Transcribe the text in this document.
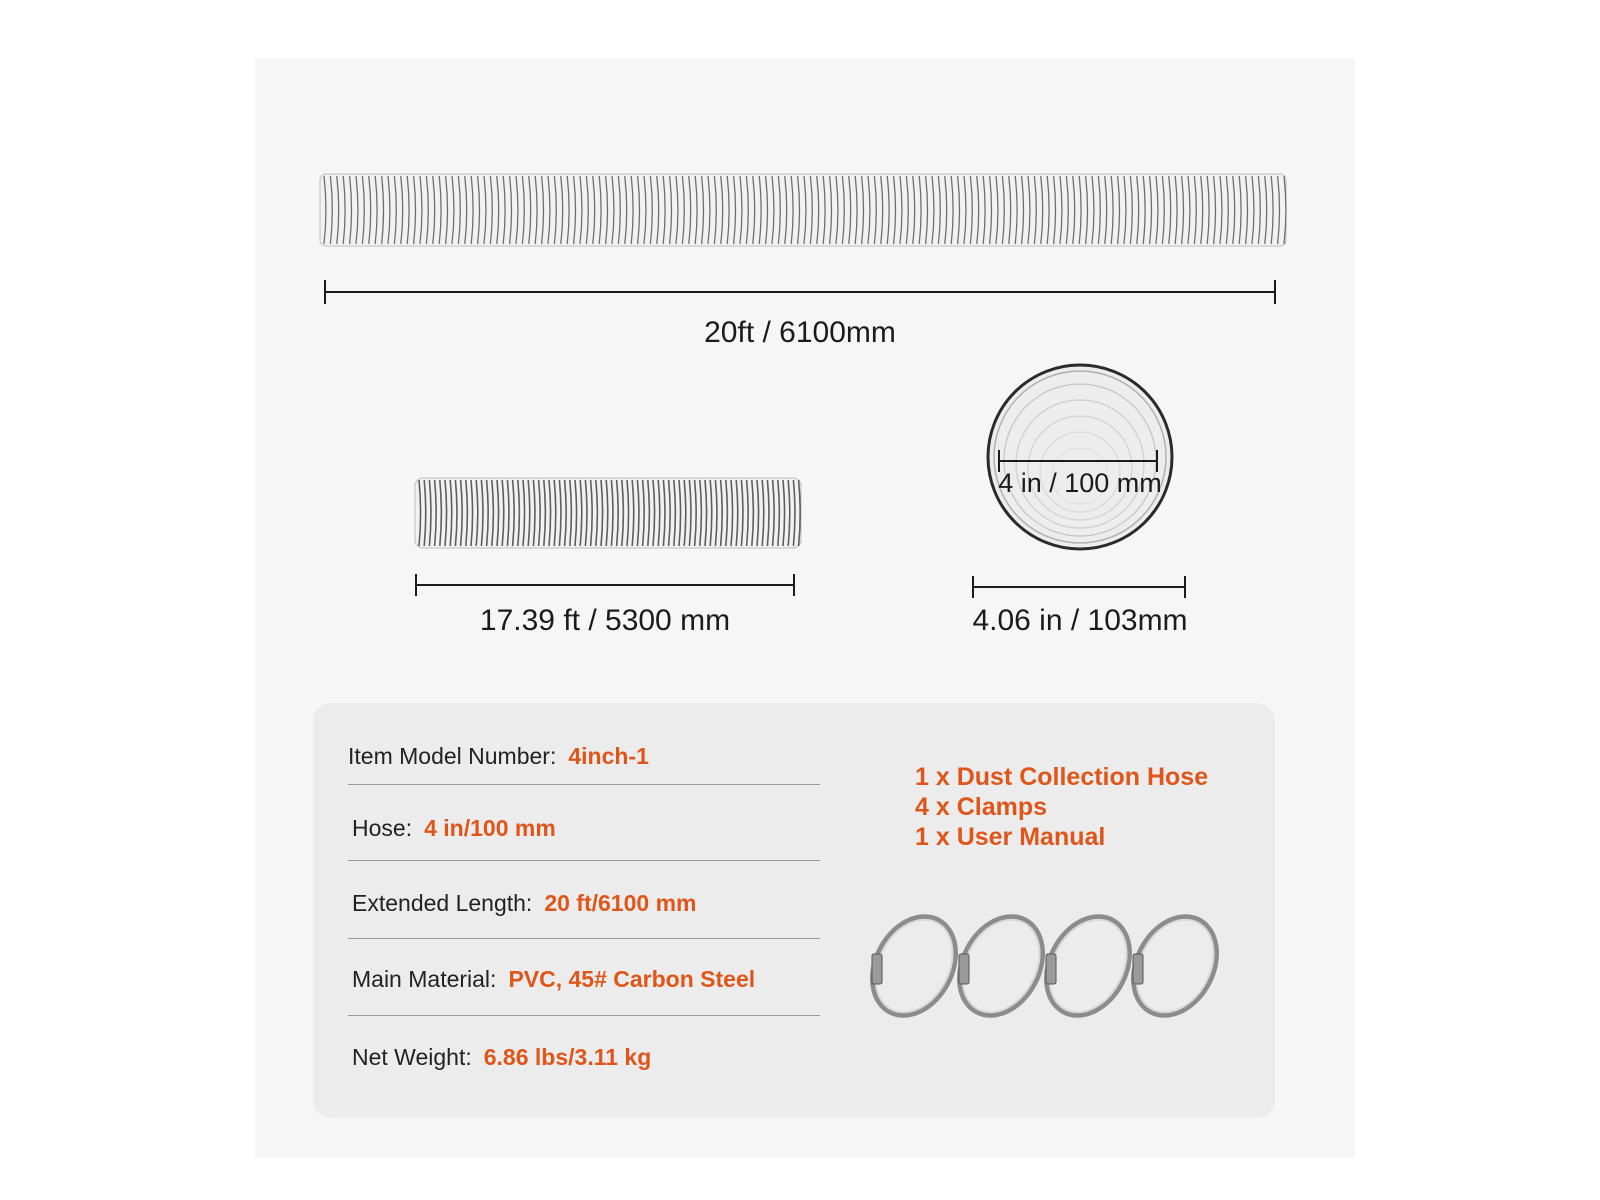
20ft / 6100mm
17.39 ft / 5300 mm
4 in / 100 mm
4.06 in / 103mm
Item Model Number: 4inch-1
Hose: 4 in/100 mm
Extended Length: 20 ft/6100 mm
Main Material: PVC, 45# Carbon Steel
Net Weight: 6.86 lbs/3.11 kg
1 x Dust Collection Hose
4 x Clamps
1 x User Manual
